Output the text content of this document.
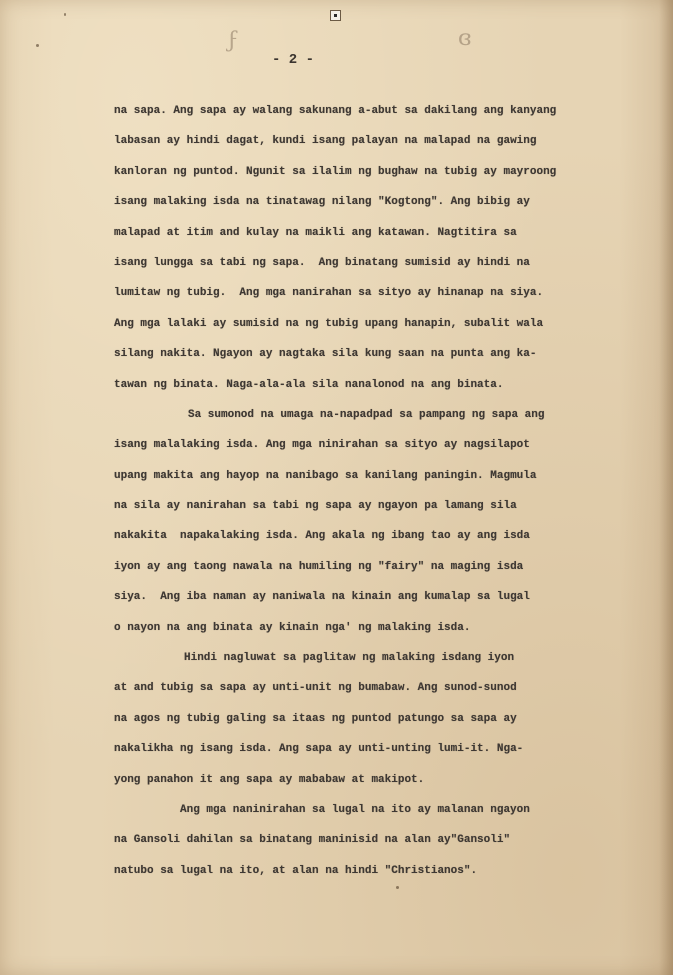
ϝ	ɞ
- 2 -
na sapa. Ang sapa ay walang sakunang a-abut sa dakilang ang kanyang
labasan ay hindi dagat, kundi isang palayan na malapad na gawing
kanloran ng puntod. Ngunit sa ilalim ng bughaw na tubig ay mayroong
isang malaking isda na tinatawag nilang "Kogtong". Ang bibig ay
malapad at itim and kulay na maikli ang katawan. Nagtitira sa
isang lungga sa tabi ng sapa.  Ang binatang sumisid ay hindi na
lumitaw ng tubig.  Ang mga nanirahan sa sityo ay hinanap na siya.
Ang mga lalaki ay sumisid na ng tubig upang hanapin, subalit wala
silang nakita. Ngayon ay nagtaka sila kung saan na punta ang ka-
tawan ng binata. Naga-ala-ala sila nanalonod na ang binata.
Sa sumonod na umaga na-napadpad sa pampang ng sapa ang
isang malalaking isda. Ang mga ninirahan sa sityo ay nagsilapot
upang makita ang hayop na nanibago sa kanilang paningin. Magmula
na sila ay nanirahan sa tabi ng sapa ay ngayon pa lamang sila
nakakita  napakalaking isda. Ang akala ng ibang tao ay ang isda
iyon ay ang taong nawala na humiling ng "fairy" na maging isda
siya.  Ang iba naman ay naniwala na kinain ang kumalap sa lugal
o nayon na ang binata ay kinain nga' ng malaking isda.
Hindi nagluwat sa paglitaw ng malaking isdang iyon
at and tubig sa sapa ay unti-unit ng bumabaw. Ang sunod-sunod
na agos ng tubig galing sa itaas ng puntod patungo sa sapa ay
nakalikha ng isang isda. Ang sapa ay unti-unting lumi-it. Nga-
yong panahon it ang sapa ay mababaw at makipot.
Ang mga naninirahan sa lugal na ito ay malanan ngayon
na Gansoli dahilan sa binatang maninisid na alan ay"Gansoli"
natubo sa lugal na ito, at alan na hindi "Christianos".
